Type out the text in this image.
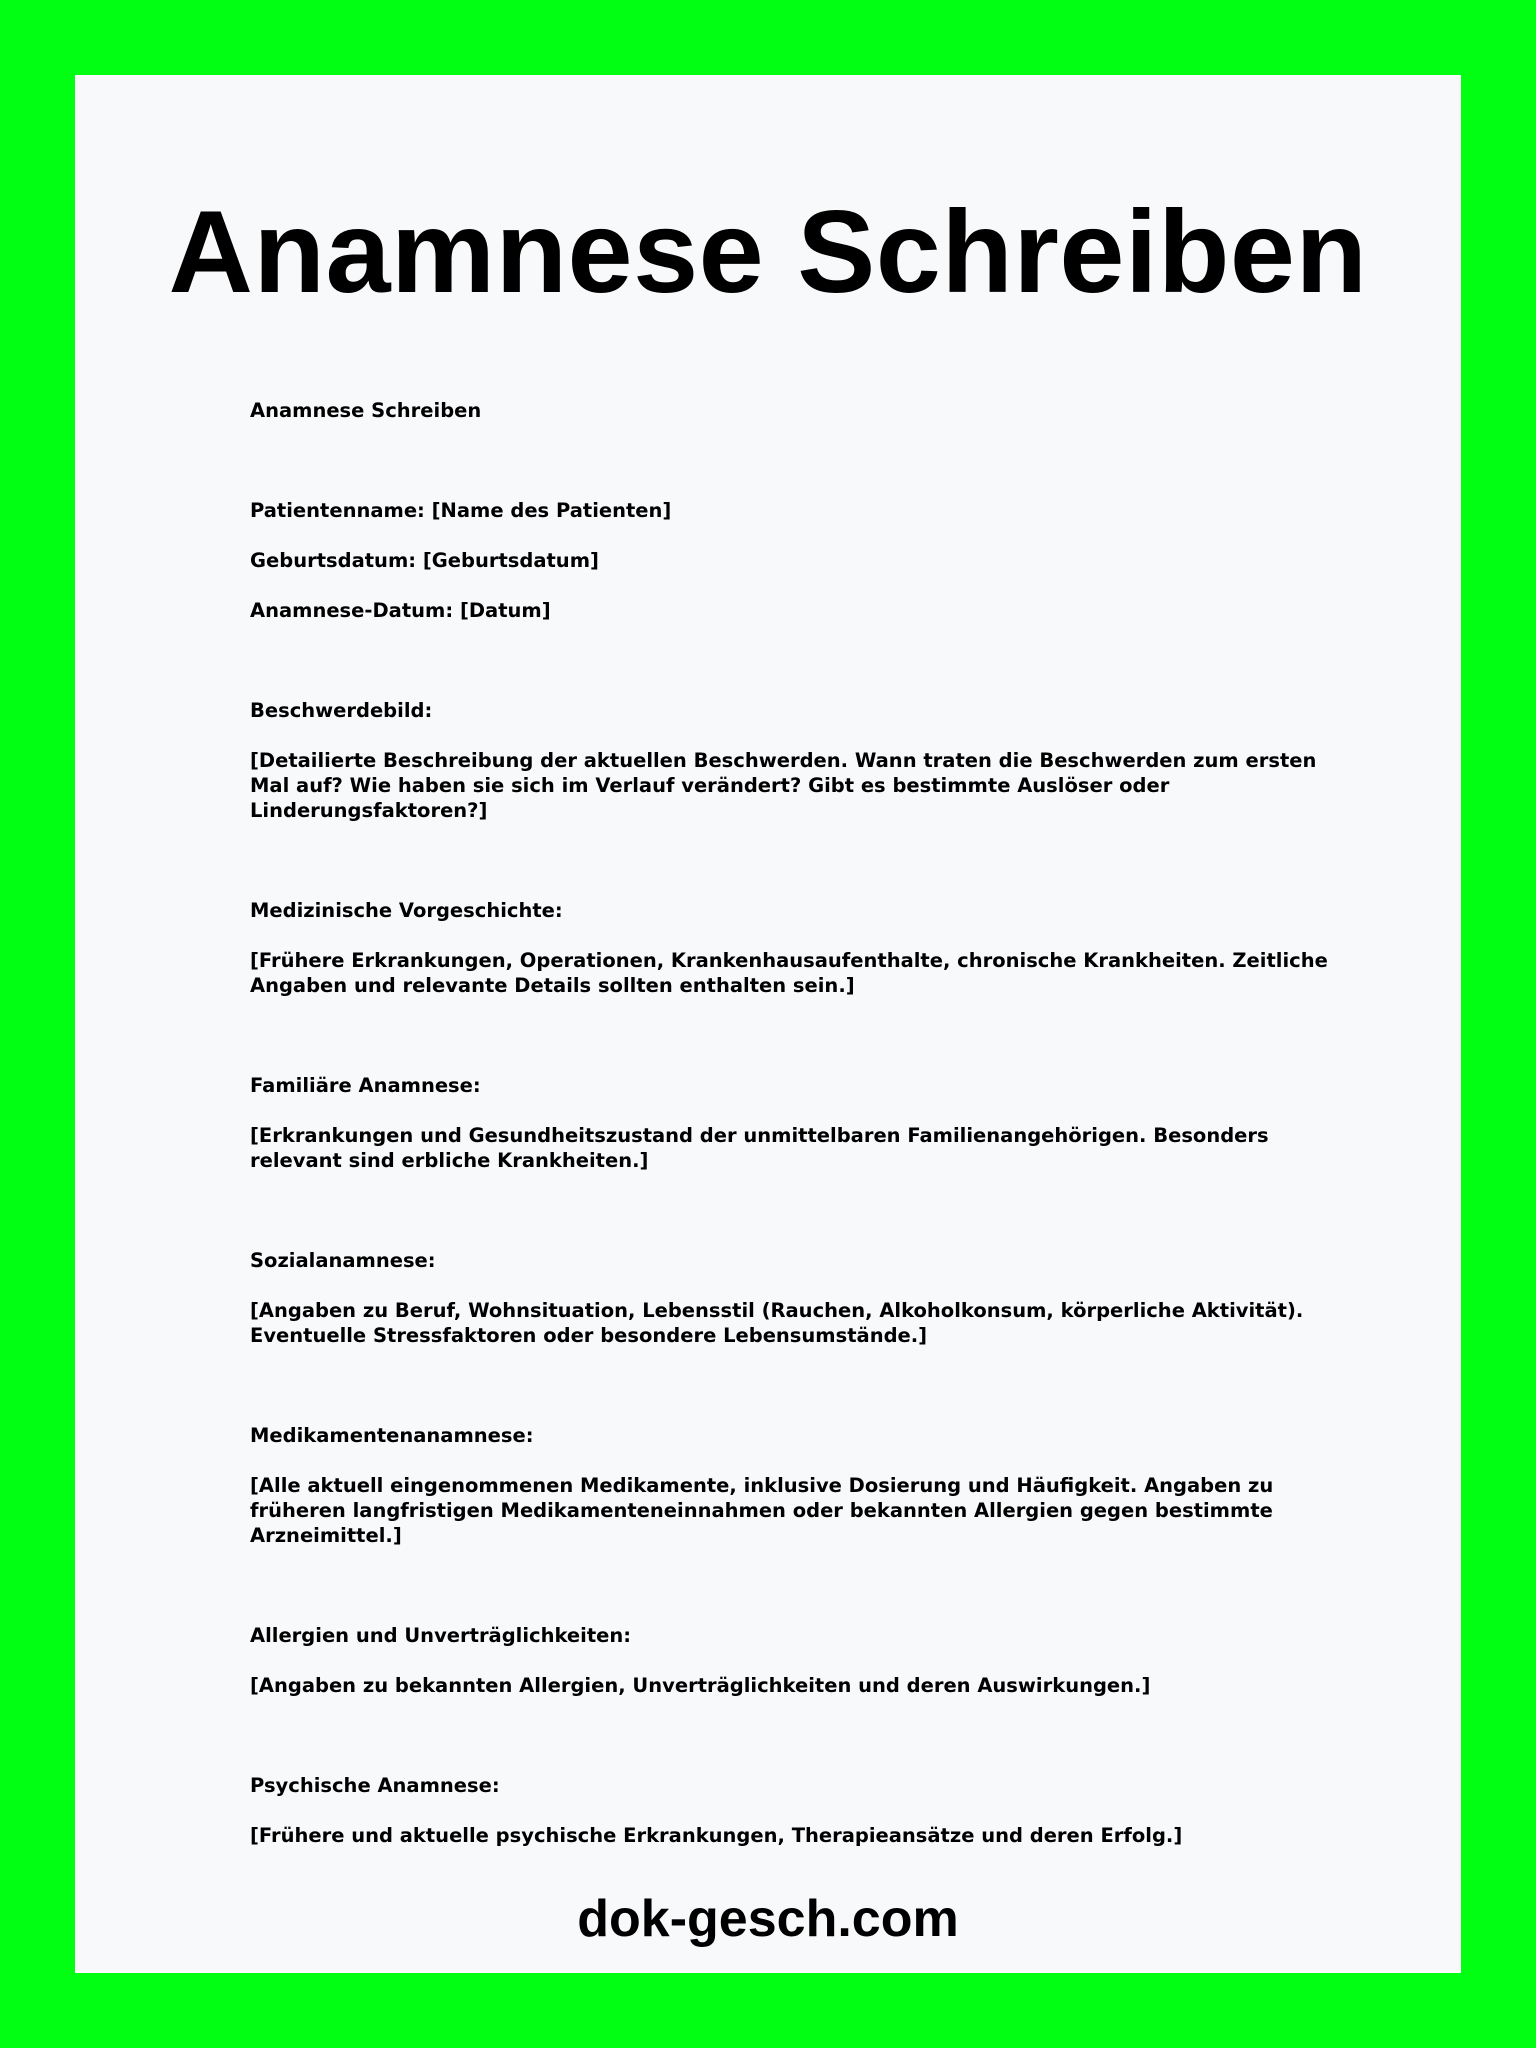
Anamnese Schreiben

Anamnese Schreiben

Patientenname: [Name des Patienten]

Geburtsdatum: [Geburtsdatum]

Anamnese-Datum: [Datum]

Beschwerdebild:

[Detailierte Beschreibung der aktuellen Beschwerden. Wann traten die Beschwerden zum ersten Mal auf? Wie haben sie sich im Verlauf verändert? Gibt es bestimmte Auslöser oder Linderungsfaktoren?]

Medizinische Vorgeschichte:

[Frühere Erkrankungen, Operationen, Krankenhausaufenthalte, chronische Krankheiten. Zeitliche Angaben und relevante Details sollten enthalten sein.]

Familiäre Anamnese:

[Erkrankungen und Gesundheitszustand der unmittelbaren Familienangehörigen. Besonders relevant sind erbliche Krankheiten.]

Sozialanamnese:

[Angaben zu Beruf, Wohnsituation, Lebensstil (Rauchen, Alkoholkonsum, körperliche Aktivität). Eventuelle Stressfaktoren oder besondere Lebensumstände.]

Medikamentenanamnese:

[Alle aktuell eingenommenen Medikamente, inklusive Dosierung und Häufigkeit. Angaben zu früheren langfristigen Medikamenteneinnahmen oder bekannten Allergien gegen bestimmte Arzneimittel.]

Allergien und Unverträglichkeiten:

[Angaben zu bekannten Allergien, Unverträglichkeiten und deren Auswirkungen.]

Psychische Anamnese:

[Frühere und aktuelle psychische Erkrankungen, Therapieansätze und deren Erfolg.]

dok-gesch.com
